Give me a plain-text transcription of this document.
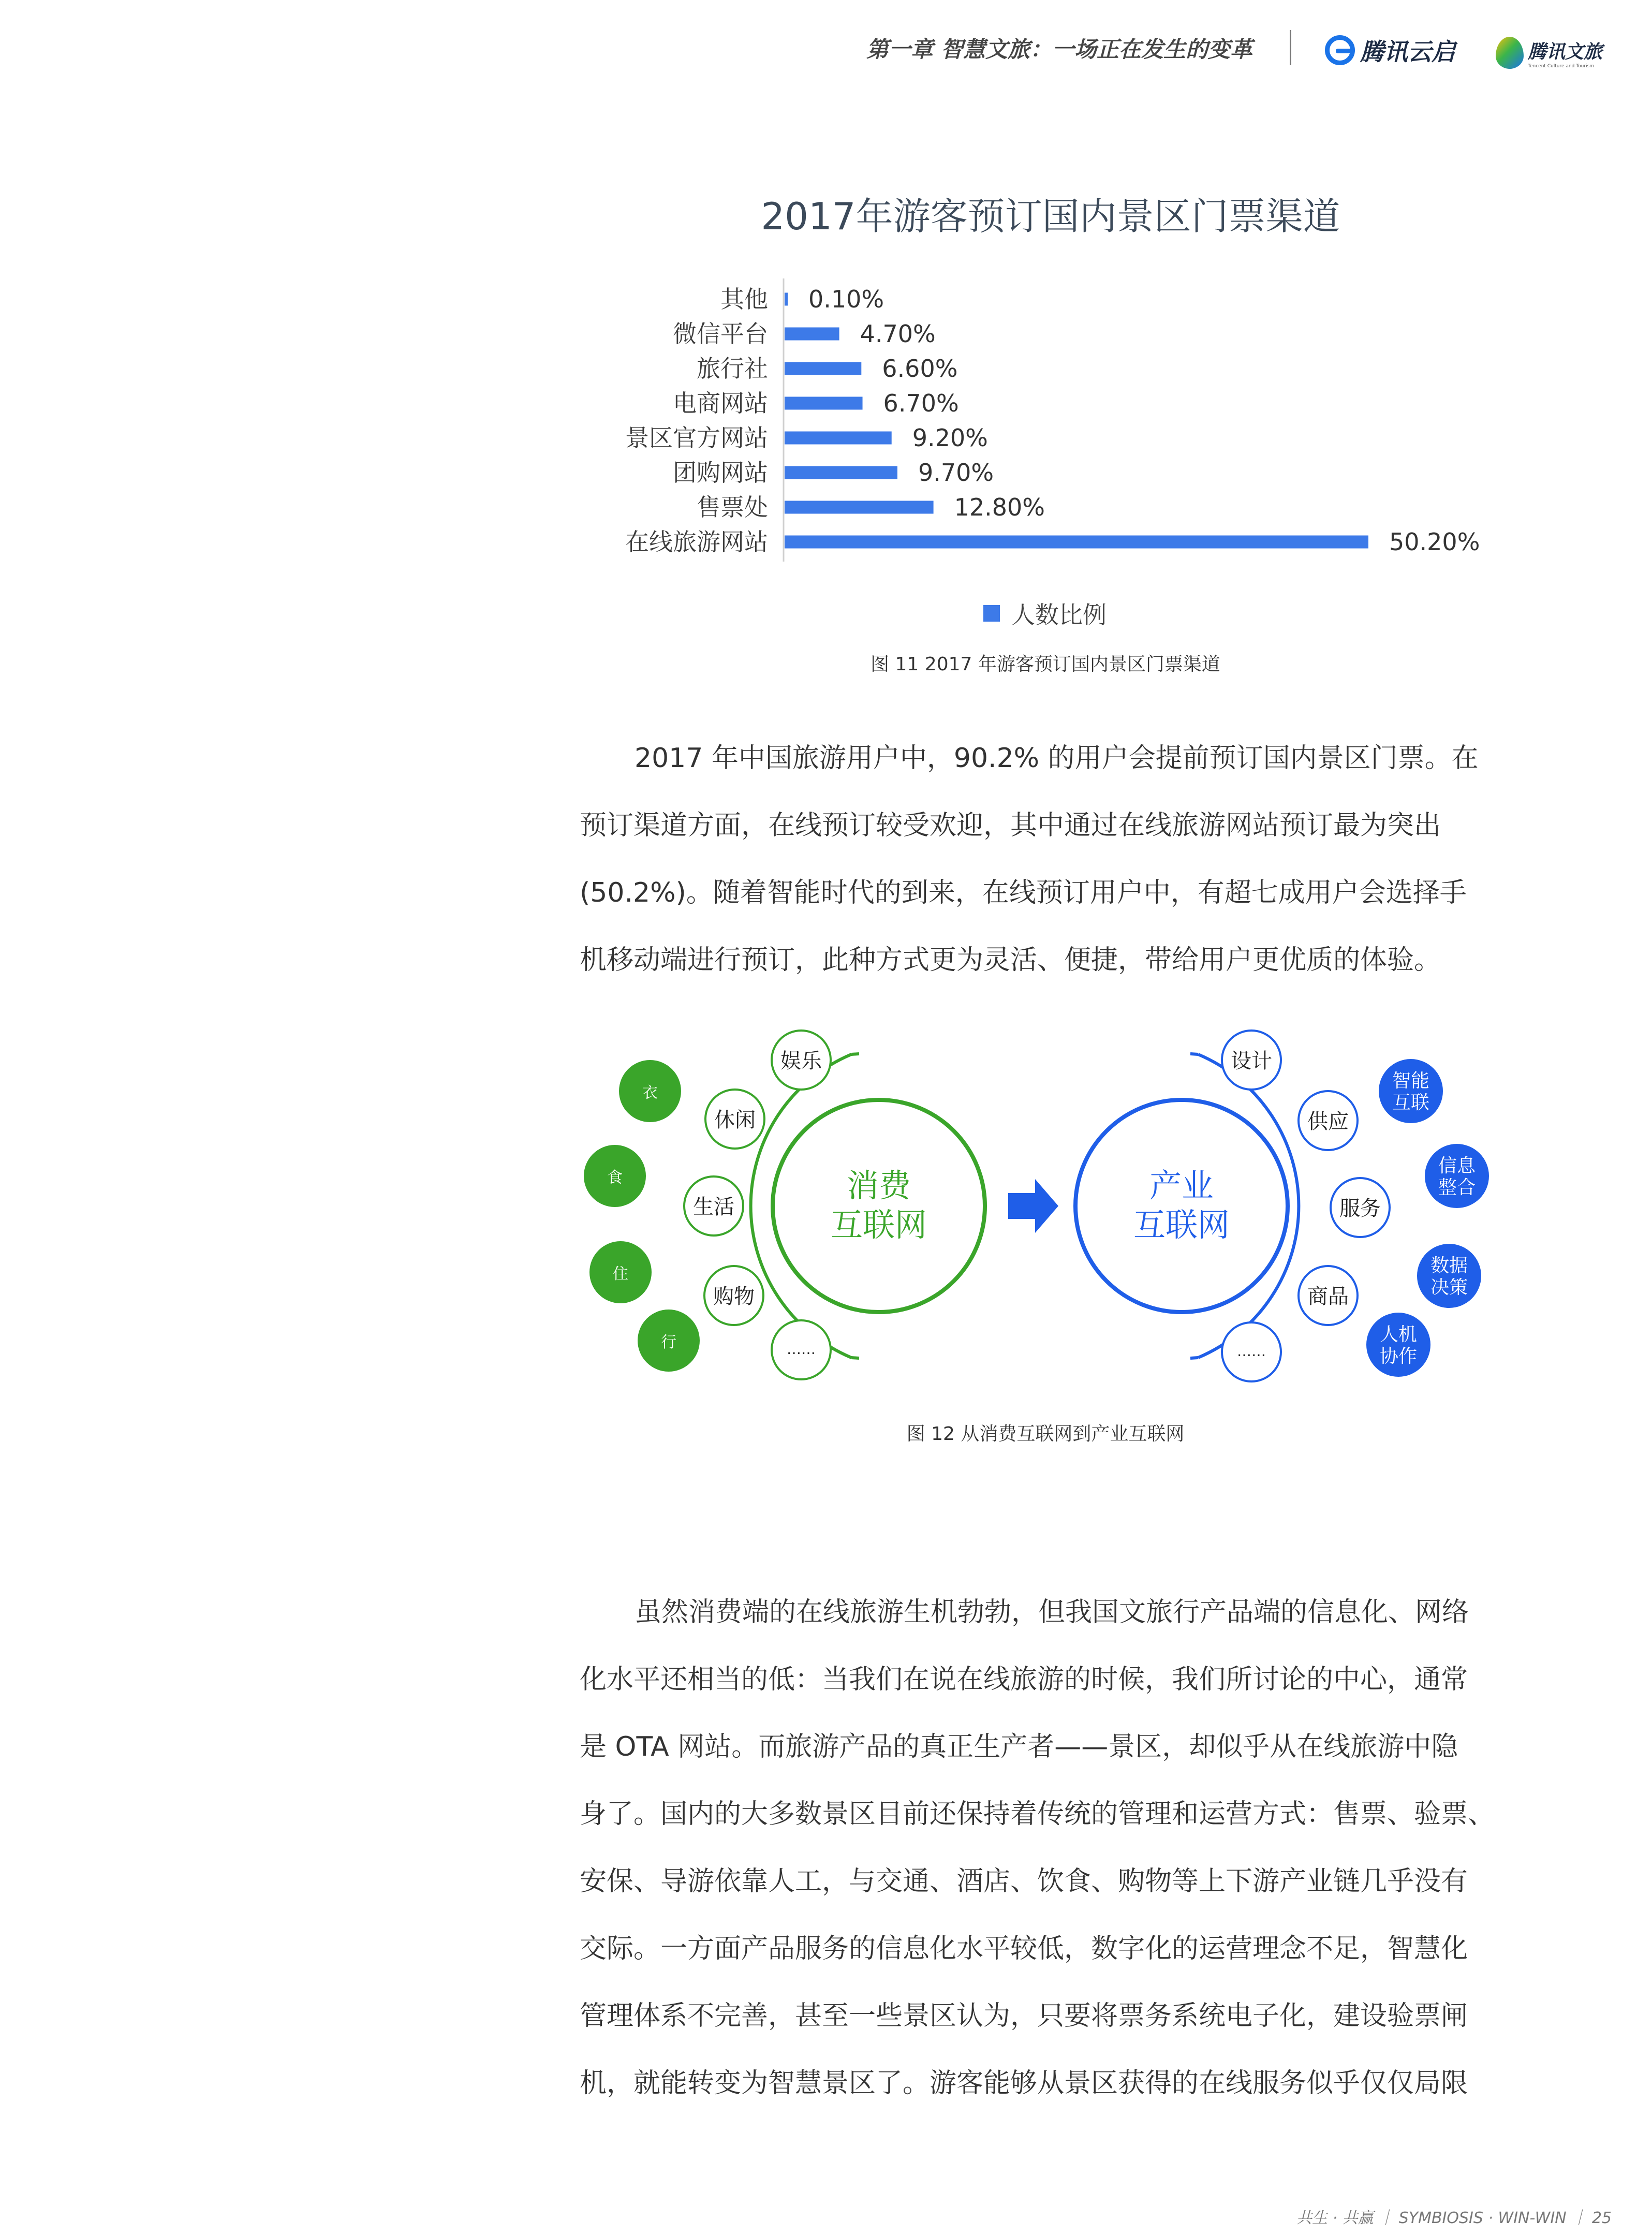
第一章 智慧文旅：一场正在发生的变革	腾讯云启	腾讯文旅
Tencent Culture and Tourism
2017年游客预订国内景区门票渠道
其他 0.10%
微信平台	4.70%
旅行社	6.60%
电商网站	6.70%
景区官方网站	9.20%
团购网站	9.70%
售票处	12.80%
在线旅游网站	50.20%
人数比例
图 11 2017 年游客预订国内景区门票渠道

2017 年中国旅游用户中，90.2% 的用户会提前预订国内景区门票。在

预订渠道方面，在线预订较受欢迎，其中通过在线旅游网站预订最为突出

(50.2%)。随着智能时代的到来，在线预订用户中，有超七成用户会选择手

机移动端进行预订，此种方式更为灵活、便捷，带给用户更优质的体验。

消费
互联网
娱乐
休闲
生活
购物
……
衣
食
住
行
产业
互联网
设计
供应
服务
商品
……
智能
互联
信息
整合
数据
决策
人机
协作
图 12 从消费互联网到产业互联网

虽然消费端的在线旅游生机勃勃，但我国文旅行产品端的信息化、网络

化水平还相当的低：当我们在说在线旅游的时候，我们所讨论的中心，通常

是 OTA 网站。而旅游产品的真正生产者——景区，却似乎从在线旅游中隐

身了。国内的大多数景区目前还保持着传统的管理和运营方式：售票、验票、

安保、导游依靠人工，与交通、酒店、饮食、购物等上下游产业链几乎没有

交际。一方面产品服务的信息化水平较低，数字化的运营理念不足，智慧化

管理体系不完善，甚至一些景区认为，只要将票务系统电子化，建设验票闸

机，就能转变为智慧景区了。游客能够从景区获得的在线服务似乎仅仅局限

共生 · 共赢 ｜ SYMBIOSIS · WIN-WIN ｜ 25
